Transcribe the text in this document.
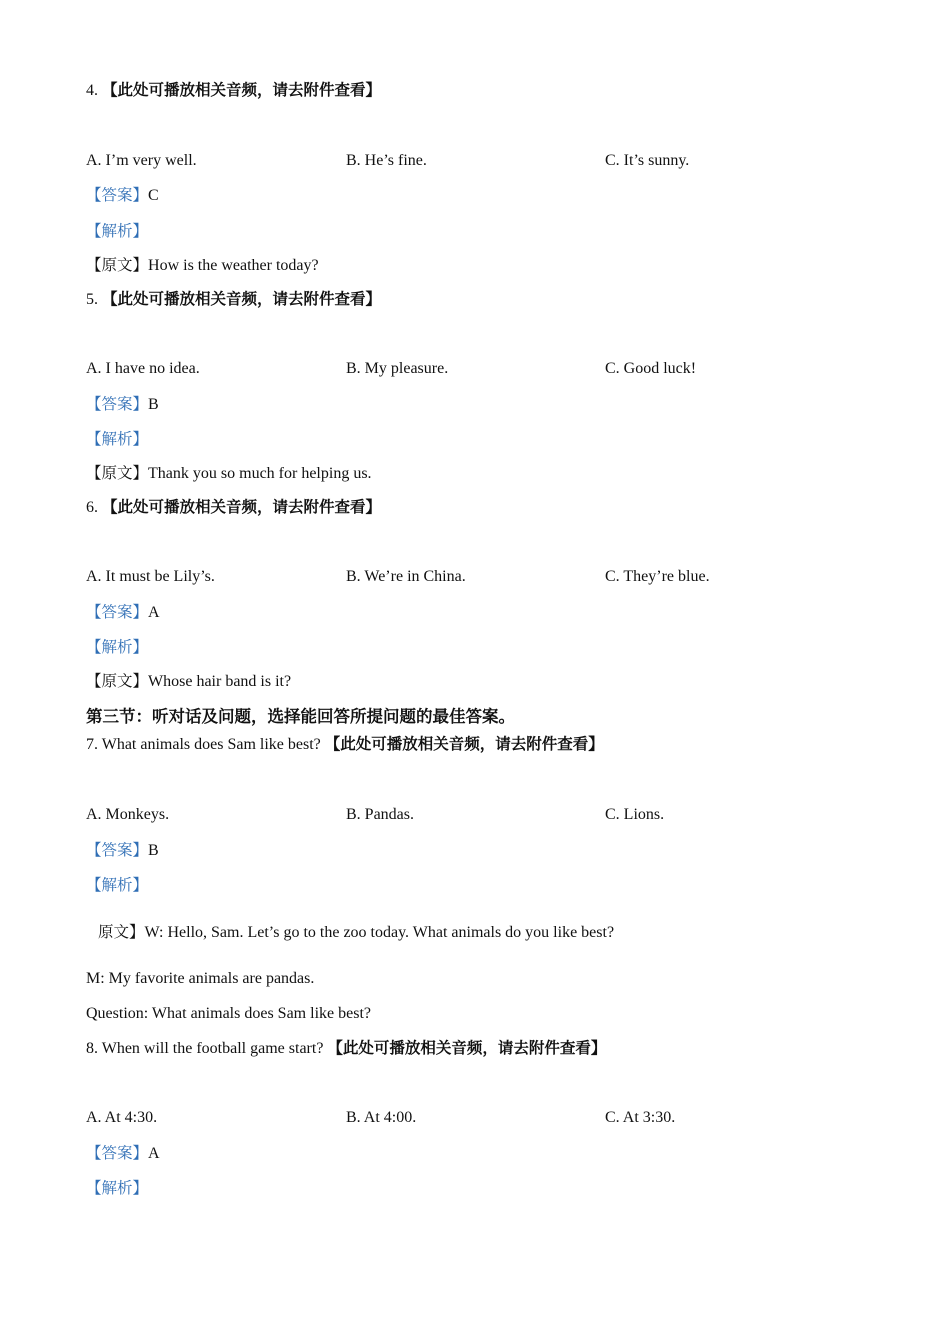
4. 【此处可播放相关音频，请去附件查看】
A. I’m very well.	B. He’s fine.	C. It’s sunny.
【答案】C
【解析】
【原文】How is the weather today?
5. 【此处可播放相关音频，请去附件查看】
A. I have no idea.	B. My pleasure.	C. Good luck!
【答案】B
【解析】
【原文】Thank you so much for helping us.
6. 【此处可播放相关音频，请去附件查看】
A. It must be Lily’s.	B. We’re in China.	C. They’re blue.
【答案】A
【解析】
【原文】Whose hair band is it?
第三节：听对话及问题，选择能回答所提问题的最佳答案。
7. What animals does Sam like best? 【此处可播放相关音频，请去附件查看】
A. Monkeys.	B. Pandas.	C. Lions.
【答案】B
【解析】
原文】W: Hello, Sam. Let’s go to the zoo today. What animals do you like best?
M: My favorite animals are pandas.
Question: What animals does Sam like best?
8. When will the football game start? 【此处可播放相关音频，请去附件查看】
A. At 4:30.	B. At 4:00.	C. At 3:30.
【答案】A
【解析】
